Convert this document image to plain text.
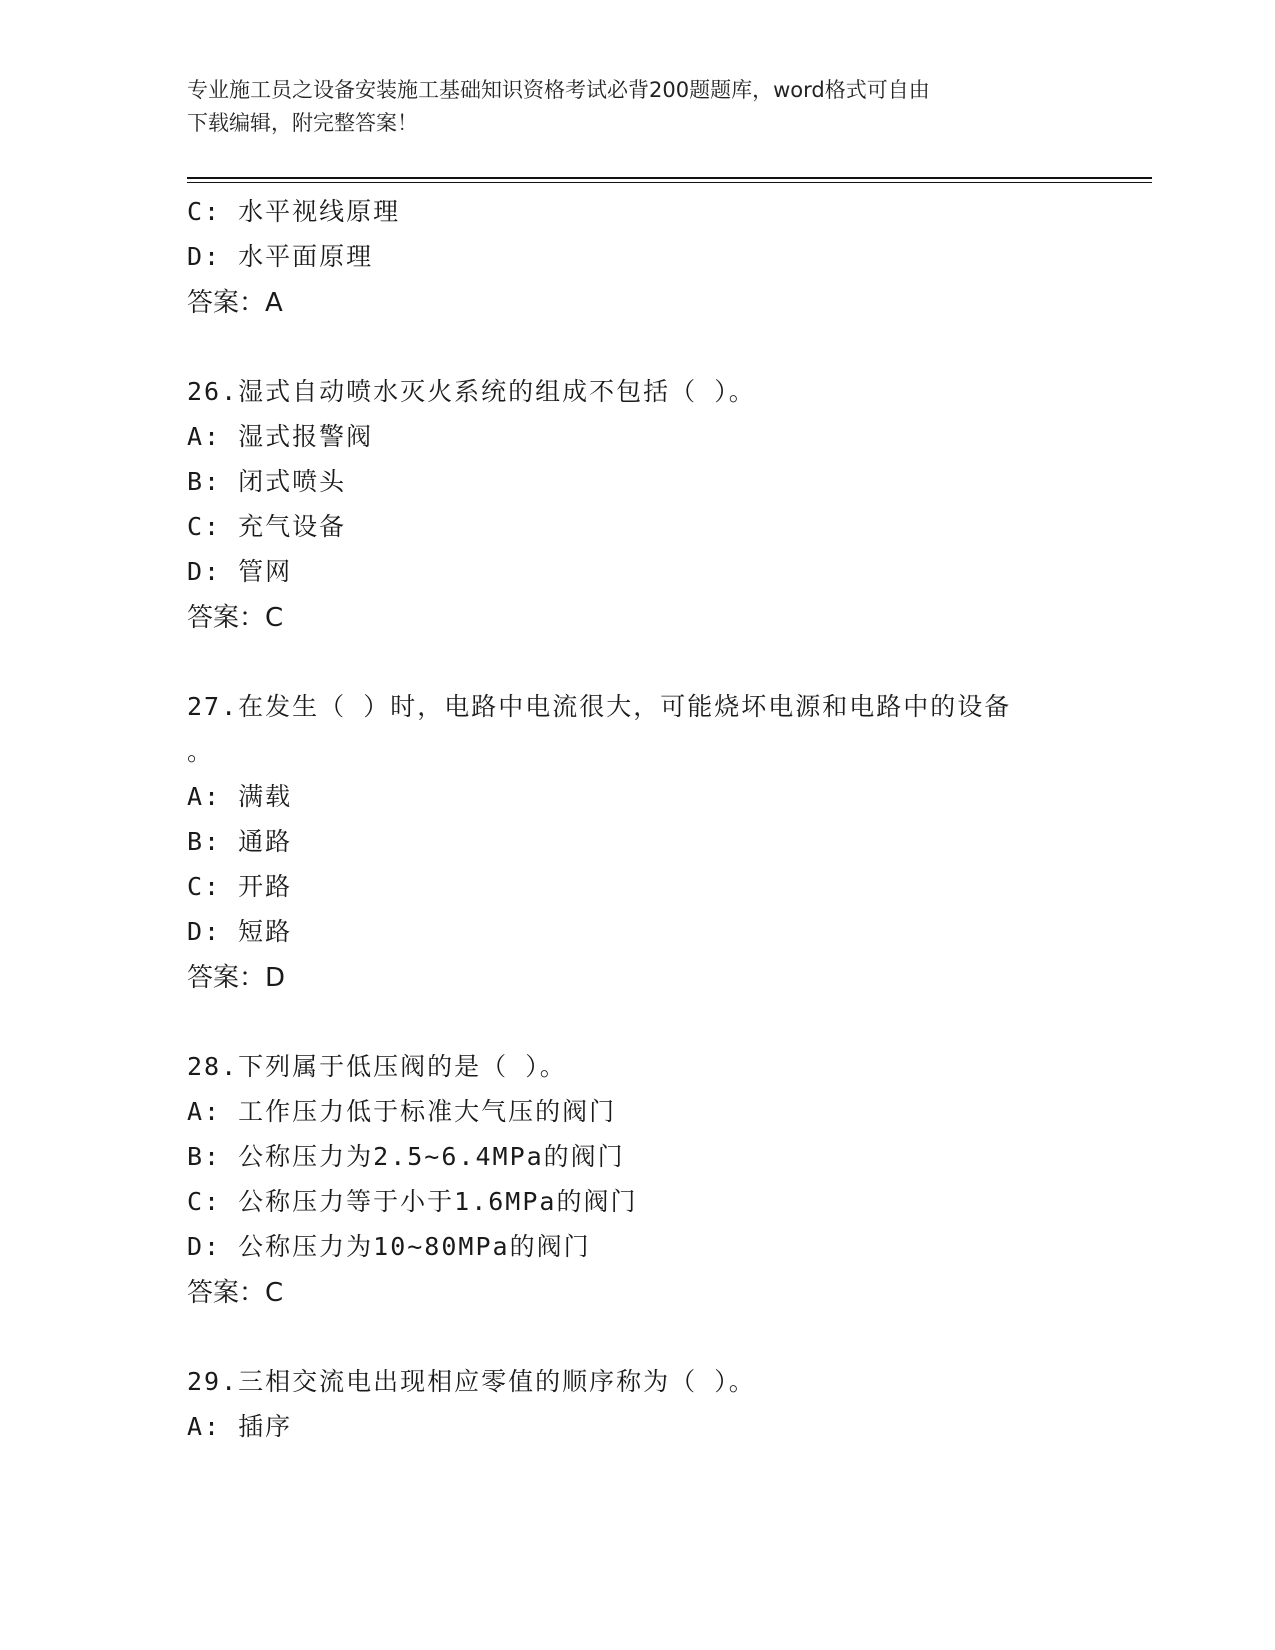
专业施工员之设备安装施工基础知识资格考试必背200题题库，word格式可自由
下载编辑，附完整答案！
C: 水平视线原理
D: 水平面原理
答案：A
26.湿式自动喷水灭火系统的组成不包括（ ）。
A: 湿式报警阀
B: 闭式喷头
C: 充气设备
D: 管网
答案：C
27.在发生（ ）时，电路中电流很大，可能烧坏电源和电路中的设备
。
A: 满载
B: 通路
C: 开路
D: 短路
答案：D
28.下列属于低压阀的是（ ）。
A: 工作压力低于标准大气压的阀门
B: 公称压力为2.5~6.4MPa的阀门
C: 公称压力等于小于1.6MPa的阀门
D: 公称压力为10~80MPa的阀门
答案：C
29.三相交流电出现相应零值的顺序称为（ ）。
A: 插序
